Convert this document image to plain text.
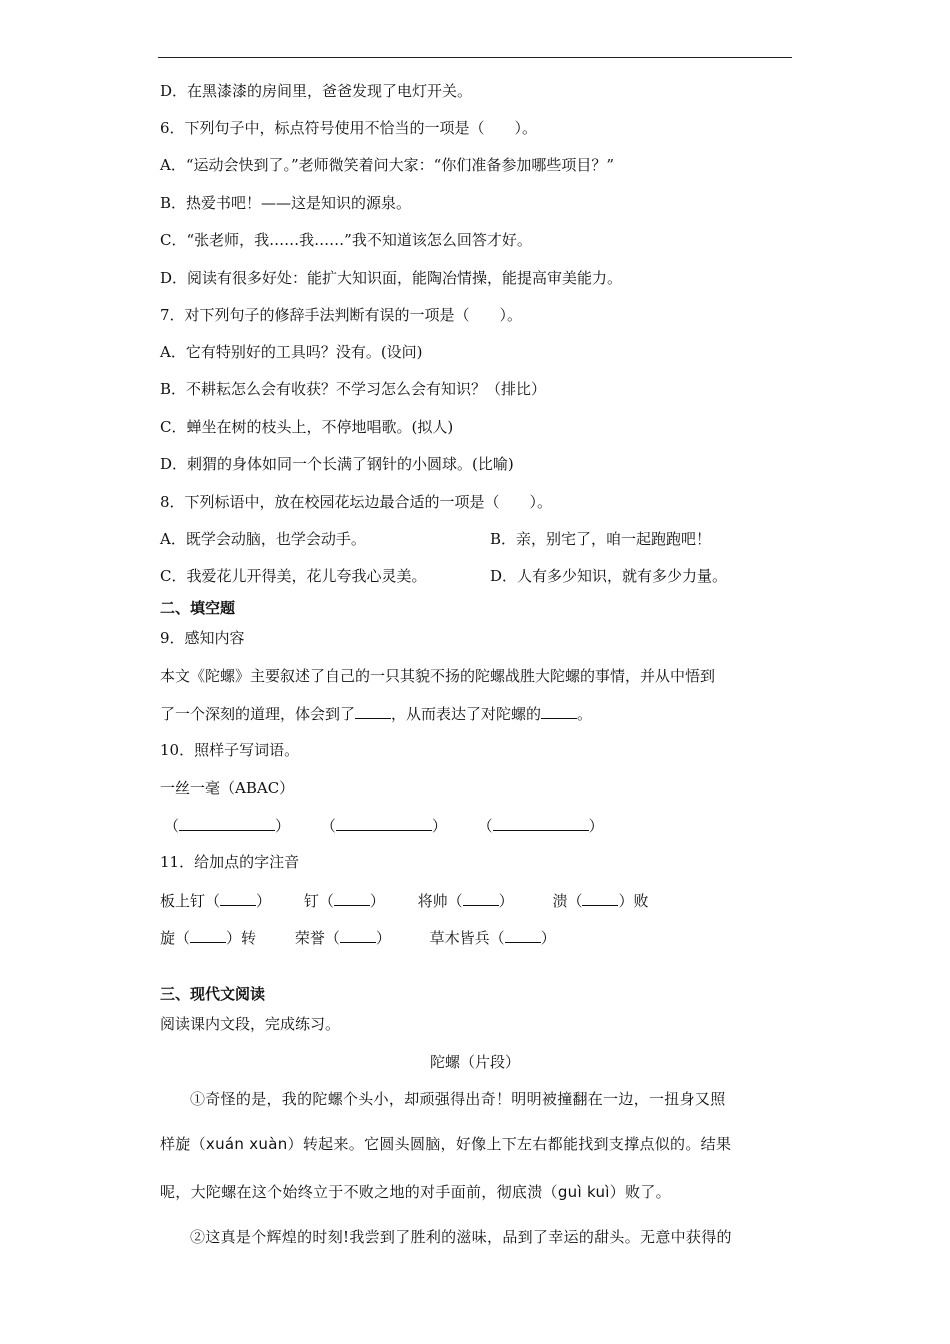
D．在黑漆漆的房间里，爸爸发现了电灯开关。
6．下列句子中，标点符号使用不恰当的一项是（　　）。
A．“运动会快到了。”老师微笑着问大家：“你们准备参加哪些项目？”
B．热爱书吧！——这是知识的源泉。
C．“张老师，我……我……”我不知道该怎么回答才好。
D．阅读有很多好处：能扩大知识面，能陶冶情操，能提高审美能力。
7．对下列句子的修辞手法判断有误的一项是（　　）。
A．它有特别好的工具吗？没有。(设问)
B．不耕耘怎么会有收获？不学习怎么会有知识？（排比）
C．蝉坐在树的枝头上，不停地唱歌。(拟人)
D．刺猬的身体如同一个长满了钢针的小圆球。(比喻)
8．下列标语中，放在校园花坛边最合适的一项是（　　）。
A．既学会动脑，也学会动手。	B．亲，别宅了，咱一起跑跑吧！
C．我爱花儿开得美，花儿夸我心灵美。	D．人有多少知识，就有多少力量。
二、填空题
9．感知内容
本文《陀螺》主要叙述了自己的一只其貌不扬的陀螺战胜大陀螺的事情，并从中悟到
了一个深刻的道理，体会到了 ，从而表达了对陀螺的 。
10．照样子写词语。
一丝一毫（ABAC）
（	） （	） （	）
11．给加点的字注音
板上钉（ ） 钉（ ） 将帅（ ） 溃（ ）败
旋（ ）转	荣誉（ ） 草木皆兵（ ）
三、现代文阅读
阅读课内文段，完成练习。
陀螺（片段）
①奇怪的是，我的陀螺个头小，却顽强得出奇！明明被撞翻在一边，一扭身又照
样旋（xuán xuàn）转起来。它圆头圆脑，好像上下左右都能找到支撑点似的。结果
呢，大陀螺在这个始终立于不败之地的对手面前，彻底溃（guì kuì）败了。
②这真是个辉煌的时刻!我尝到了胜利的滋味，品到了幸运的甜头。无意中获得的
